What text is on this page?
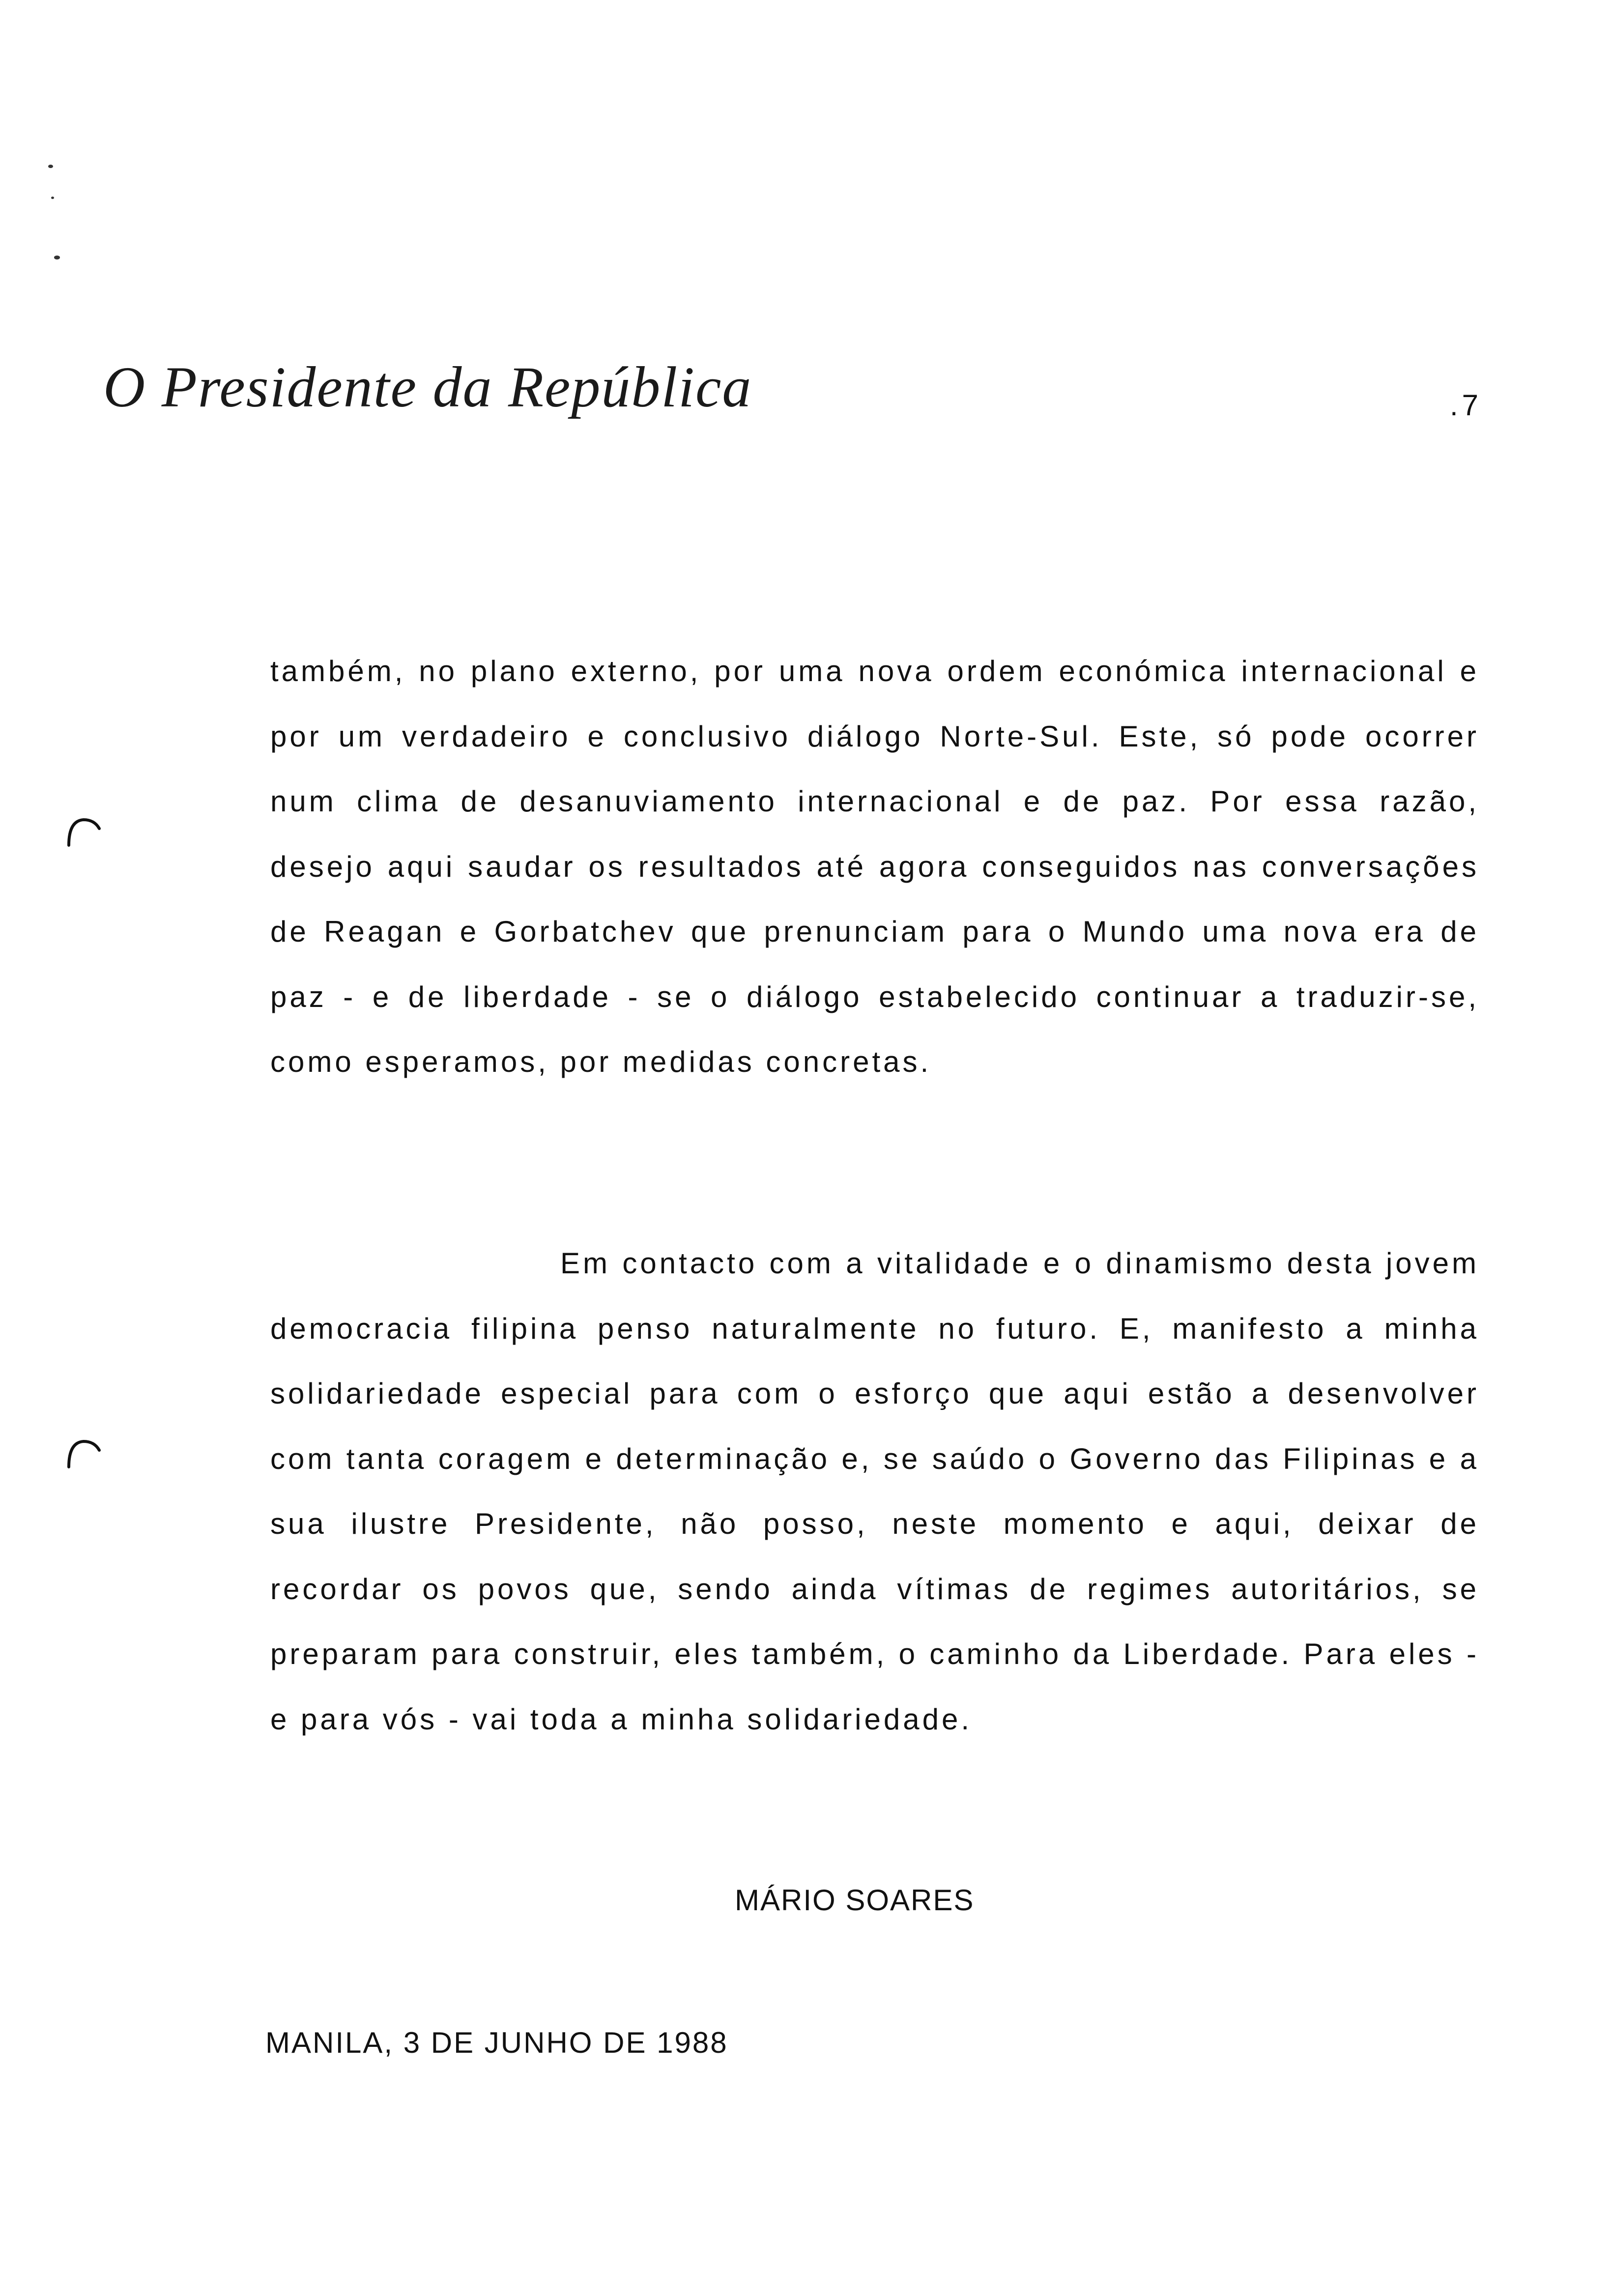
O Presidente da República	.7

também, no plano externo, por uma nova ordem económica internacional e por um verdadeiro e conclusivo diálogo Norte-Sul. Este, só pode ocorrer num clima de desanuviamento internacional e de paz. Por essa razão, desejo aqui saudar os resultados até agora conseguidos nas conversações de Reagan e Gorbatchev que prenunciam para o Mundo uma nova era de paz - e de liberdade - se o diálogo estabelecido continuar a traduzir-se, como esperamos, por medidas concretas.

Em contacto com a vitalidade e o dinamismo desta jovem democracia filipina penso naturalmente no futuro. E, manifesto a minha solidariedade especial para com o esforço que aqui estão a desenvolver com tanta coragem e determinação e, se saúdo o Governo das Filipinas e a sua ilustre Presidente, não posso, neste momento e aqui, deixar de recordar os povos que, sendo ainda vítimas de regimes autoritários, se preparam para construir, eles também, o caminho da Liberdade. Para eles - e para vós - vai toda a minha solidariedade.

MÁRIO SOARES
MANILA, 3 DE JUNHO DE 1988
